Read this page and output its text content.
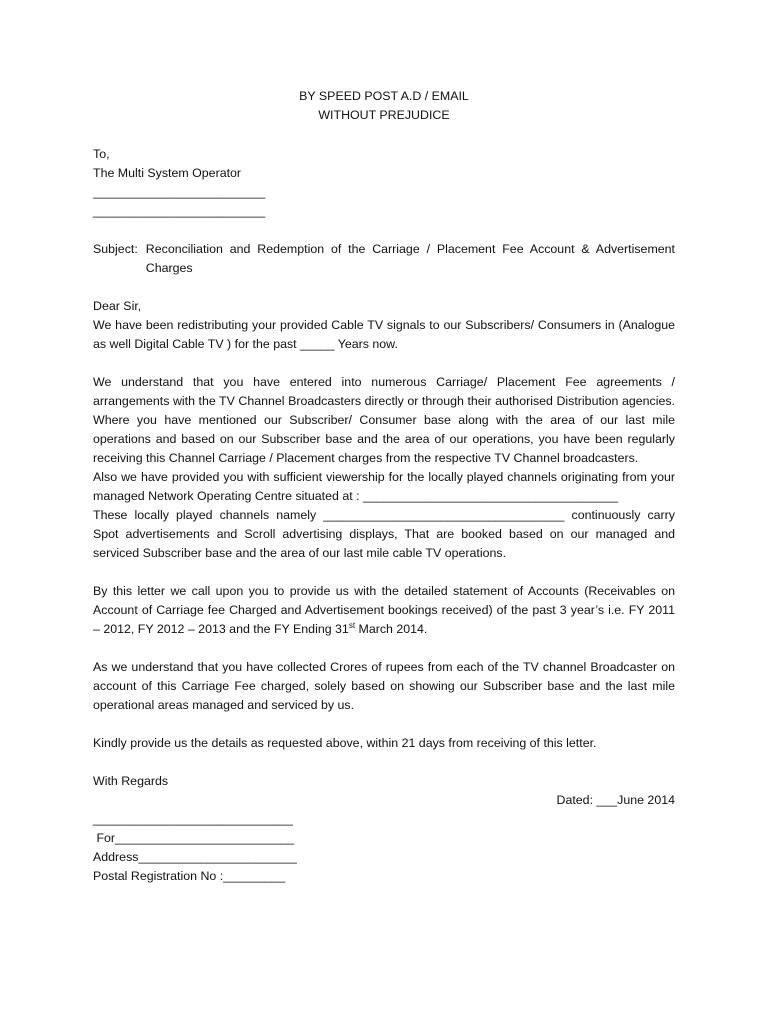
BY SPEED POST A.D / EMAIL

WITHOUT PREJUDICE

To,

The Multi System Operator

_________________________

_________________________

Subject: Reconciliation and Redemption of the Carriage / Placement Fee Account & Advertisement Charges

Dear Sir,

We have been redistributing your provided Cable TV signals to our Subscribers/ Consumers in (Analogue as well Digital Cable TV ) for the past _____ Years now.

We understand that you have entered into numerous Carriage/ Placement Fee agreements / arrangements with the TV Channel Broadcasters directly or through their authorised Distribution agencies. Where you have mentioned our Subscriber/ Consumer base along with the area of our last mile operations and based on our Subscriber base and the area of our operations, you have been regularly receiving this Channel Carriage / Placement charges from the respective TV Channel broadcasters.

Also we have provided you with sufficient viewership for the locally played channels originating from your managed Network Operating Centre situated at : _____________________________________

These locally played channels namely ___________________________________ continuously carry Spot advertisements and Scroll advertising displays, That are booked based on our managed and serviced Subscriber base and the area of our last mile cable TV operations.

By this letter we call upon you to provide us with the detailed statement of Accounts (Receivables on Account of Carriage fee Charged and Advertisement bookings received) of the past 3 year’s i.e. FY 2011 – 2012, FY 2012 – 2013 and the FY Ending 31st March 2014.

As we understand that you have collected Crores of rupees from each of the TV channel Broadcaster on account of this Carriage Fee charged, solely based on showing our Subscriber base and the last mile operational areas managed and serviced by us.

Kindly provide us the details as requested above, within 21 days from receiving of this letter.

With Regards

Dated: ___June 2014

_____________________________

For__________________________

Address_______________________

Postal Registration No :_________
